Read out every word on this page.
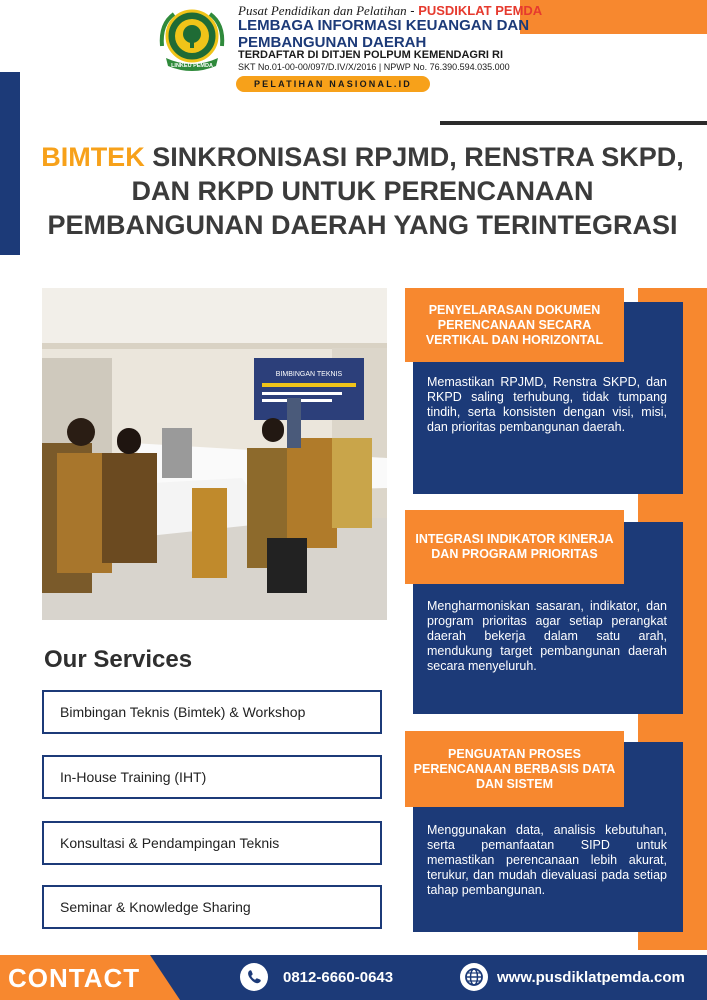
LINKEU PEMDA
Pusat Pendidikan dan Pelatihan - PUSDIKLAT PEMDA
LEMBAGA INFORMASI KEUANGAN DAN PEMBANGUNAN DAERAH
TERDAFTAR DI DITJEN POLPUM KEMENDAGRI RI
SKT No.01-00-00/097/D.IV/X/2016 | NPWP No. 76.390.594.035.000
PELATIHAN NASIONAL.ID
BIMTEK SINKRONISASI RPJMD, RENSTRA SKPD, DAN RKPD UNTUK PERENCANAAN PEMBANGUNAN DAERAH YANG TERINTEGRASI
BIMBINGAN TEKNIS
Our Services
Bimbingan Teknis (Bimtek) & Workshop
In-House Training (IHT)
Konsultasi & Pendampingan Teknis
Seminar & Knowledge Sharing

Memastikan RPJMD, Renstra SKPD, dan RKPD saling terhubung, tidak tumpang tindih, serta konsisten dengan visi, misi, dan prioritas pembangunan daerah.

PENYELARASAN DOKUMEN PERENCANAAN SECARA VERTIKAL DAN HORIZONTAL

Mengharmoniskan sasaran, indikator, dan program prioritas agar setiap perangkat daerah bekerja dalam satu arah, mendukung target pembangunan daerah secara menyeluruh.

INTEGRASI INDIKATOR KINERJA DAN PROGRAM PRIORITAS

Menggunakan data, analisis kebutuhan, serta pemanfaatan SIPD untuk memastikan perencanaan lebih akurat, terukur, dan mudah dievaluasi pada setiap tahap pembangunan.

PENGUATAN PROSES PERENCANAAN BERBASIS DATA DAN SISTEM
CONTACT	0812-6660-0643	www.pusdiklatpemda.com
